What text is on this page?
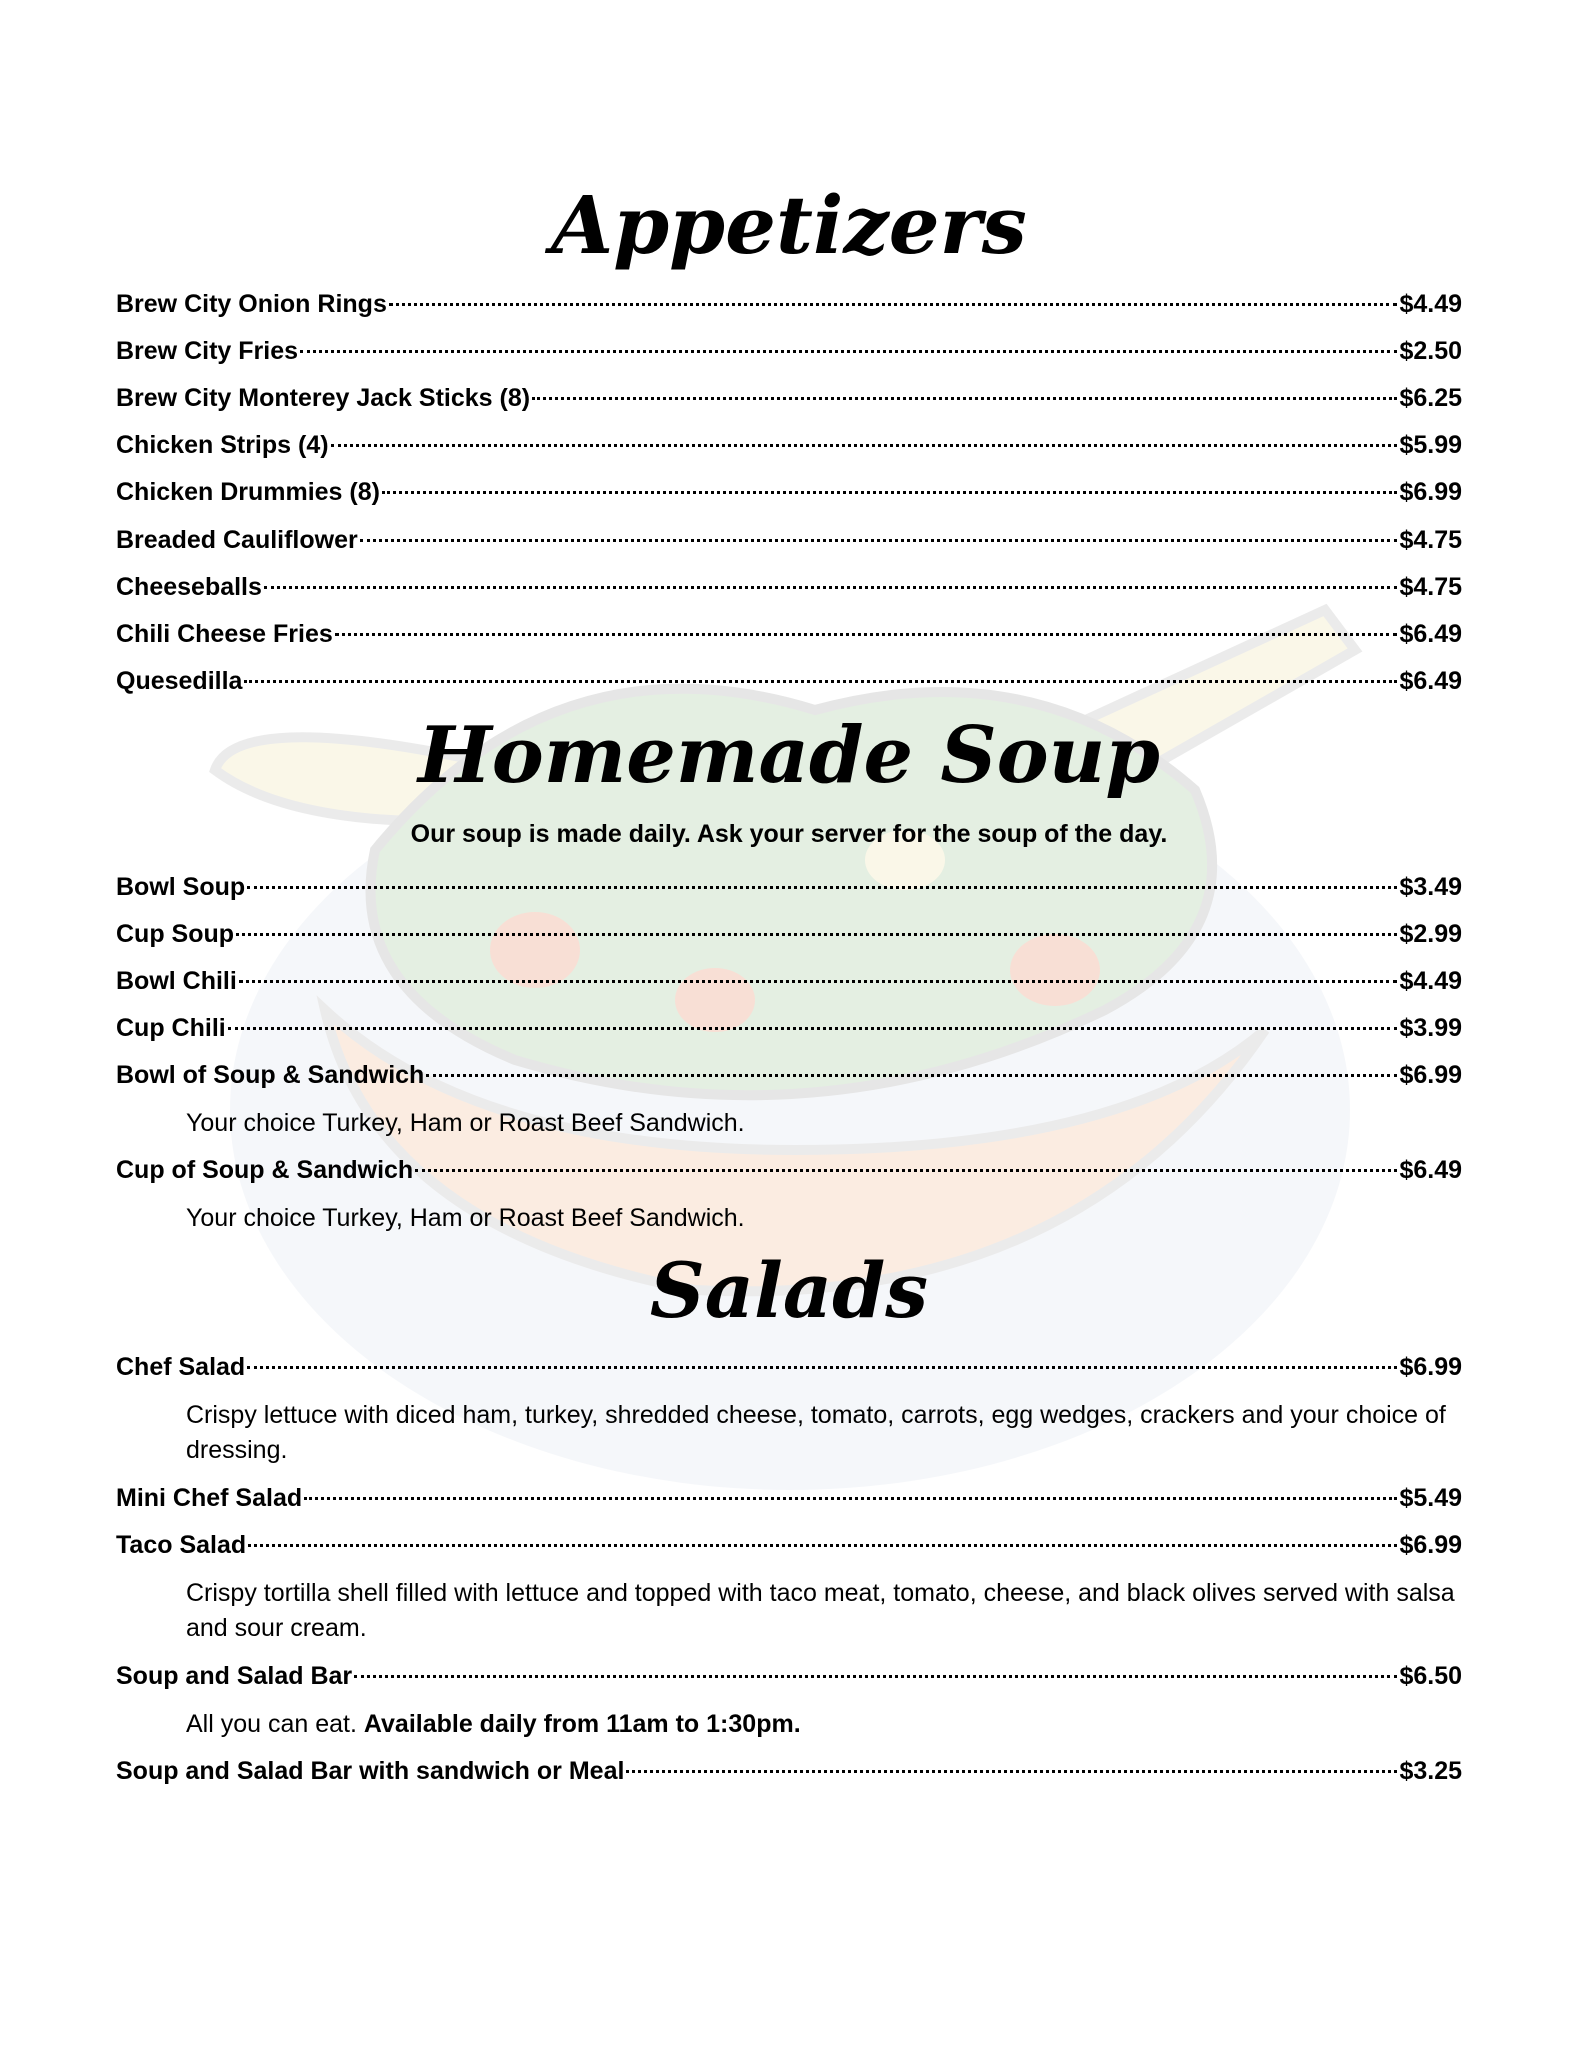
Appetizers
Brew City Onion Rings	$4.49
Brew City Fries	$2.50
Brew City Monterey Jack Sticks (8)	$6.25
Chicken Strips (4)	$5.99
Chicken Drummies (8)	$6.99
Breaded Cauliflower	$4.75
Cheeseballs	$4.75
Chili Cheese Fries	$6.49
Quesedilla	$6.49
Homemade Soup
Our soup is made daily. Ask your server for the soup of the day.
Bowl Soup	$3.49
Cup Soup	$2.99
Bowl Chili	$4.49
Cup Chili	$3.99
Bowl of Soup & Sandwich	$6.99
Your choice Turkey, Ham or Roast Beef Sandwich.
Cup of Soup & Sandwich	$6.49
Your choice Turkey, Ham or Roast Beef Sandwich.
Salads
Chef Salad	$6.99
Crispy lettuce with diced ham, turkey, shredded cheese, tomato, carrots, egg wedges, crackers and your choice of dressing.
Mini Chef Salad	$5.49
Taco Salad	$6.99
Crispy tortilla shell filled with lettuce and topped with taco meat, tomato, cheese, and black olives served with salsa and sour cream.
Soup and Salad Bar	$6.50
All you can eat. Available daily from 11am to 1:30pm.
Soup and Salad Bar with sandwich or Meal	$3.25
